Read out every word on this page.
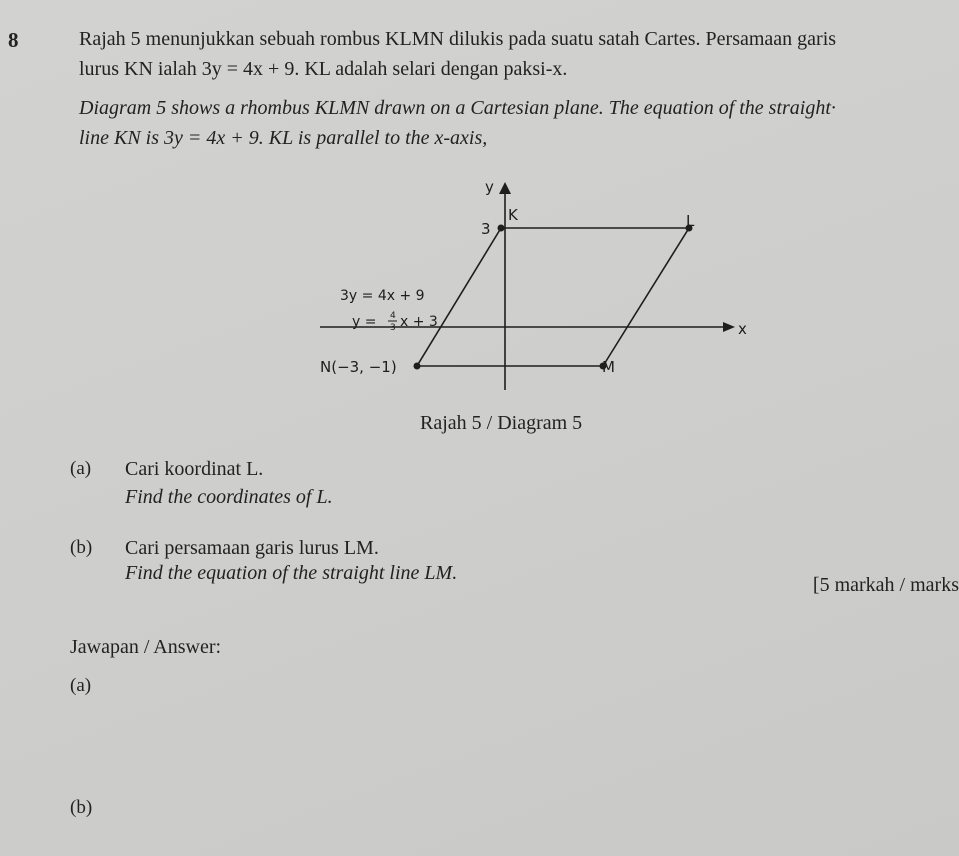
8	Rajah 5 menunjukkan sebuah rombus KLMN dilukis pada suatu satah Cartes. Persamaan garis
lurus KN ialah 3y = 4x + 9. KL adalah selari dengan paksi-x.
Diagram 5 shows a rhombus KLMN drawn on a Cartesian plane. The equation of the straight·
line KN is 3y = 4x + 9. KL is parallel to the x-axis,
y
x
3
K	L
M
N(−3, −1)
3y = 4x + 9
y = 4
3 x + 3
Rajah 5 / Diagram 5
(a) Cari koordinat L.
Find the coordinates of L.
(b) Cari persamaan garis lurus LM.
Find the equation of the straight line LM.
[5 markah / marks
Jawapan / Answer:
(a)
(b)
